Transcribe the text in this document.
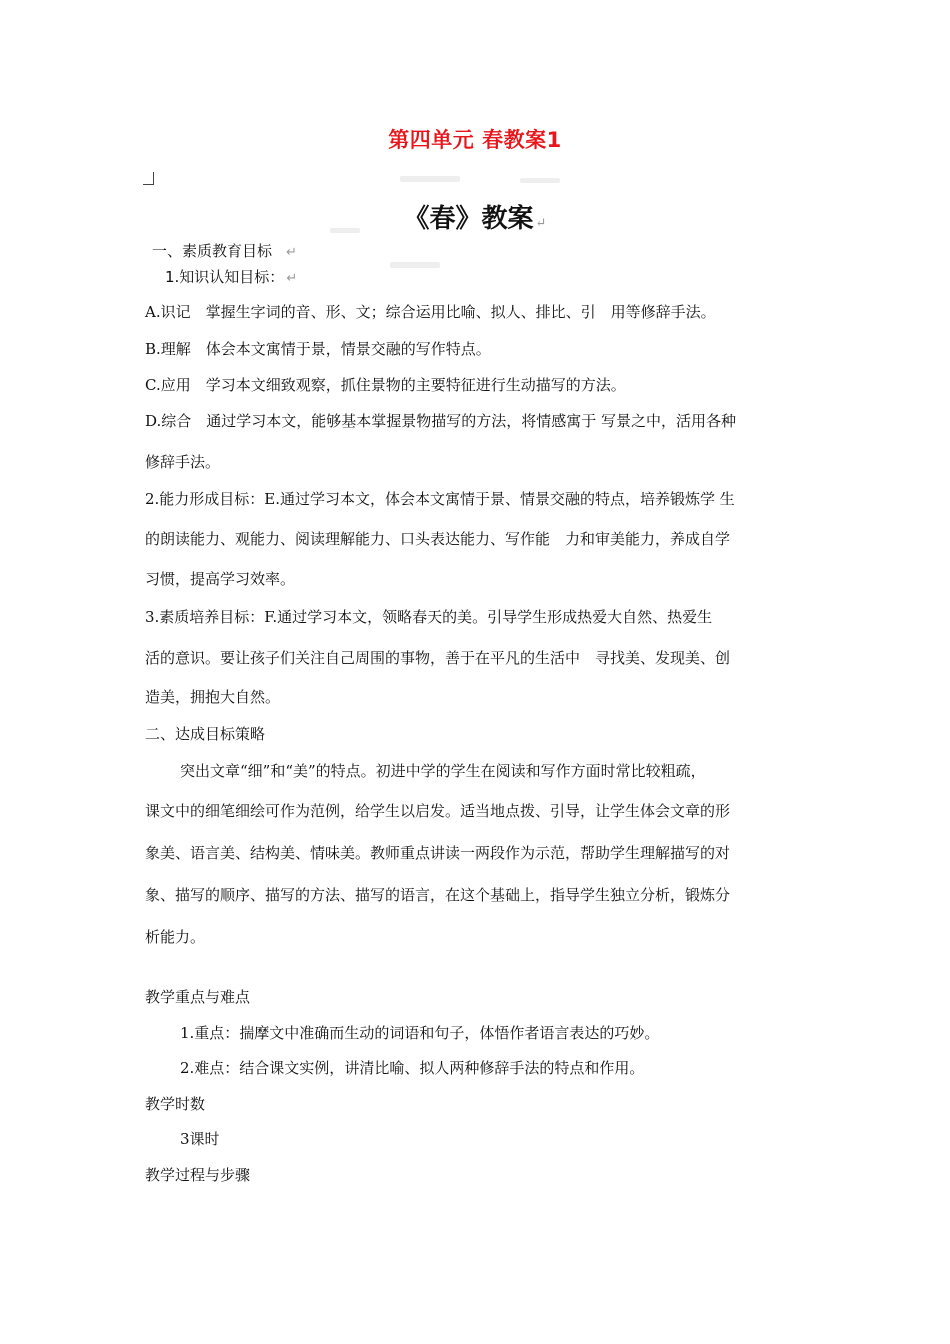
第四单元 春教案1
《春》教案 ↵
一、素质教育目标 ↵
1.知识认知目标： ↵
A.识记　掌握生字词的音、形、文；综合运用比喻、拟人、排比、引　用等修辞手法。
B.理解　体会本文寓情于景，情景交融的写作特点。
C.应用　学习本文细致观察，抓住景物的主要特征进行生动描写的方法。
D.综合　通过学习本文，能够基本掌握景物描写的方法，将情感寓于 写景之中，活用各种
修辞手法。
2.能力形成目标：E.通过学习本文，体会本文寓情于景、情景交融的特点，培养锻炼学 生
的朗读能力、观能力、阅读理解能力、口头表达能力、写作能　力和审美能力，养成自学
习惯，提高学习效率。
3.素质培养目标：F.通过学习本文，领略春天的美。引导学生形成热爱大自然、热爱生
活的意识。要让孩子们关注自己周围的事物，善于在平凡的生活中　寻找美、发现美、创
造美，拥抱大自然。
二、达成目标策略
突出文章“细”和“美”的特点。初进中学的学生在阅读和写作方面时常比较粗疏，
课文中的细笔细绘可作为范例，给学生以启发。适当地点拨、引导，让学生体会文章的形
象美、语言美、结构美、情味美。教师重点讲读一两段作为示范，帮助学生理解描写的对
象、描写的顺序、描写的方法、描写的语言，在这个基础上，指导学生独立分析，锻炼分
析能力。
教学重点与难点
1.重点：揣摩文中准确而生动的词语和句子，体悟作者语言表达的巧妙。
2.难点：结合课文实例，讲清比喻、拟人两种修辞手法的特点和作用。
教学时数
3课时
教学过程与步骤
